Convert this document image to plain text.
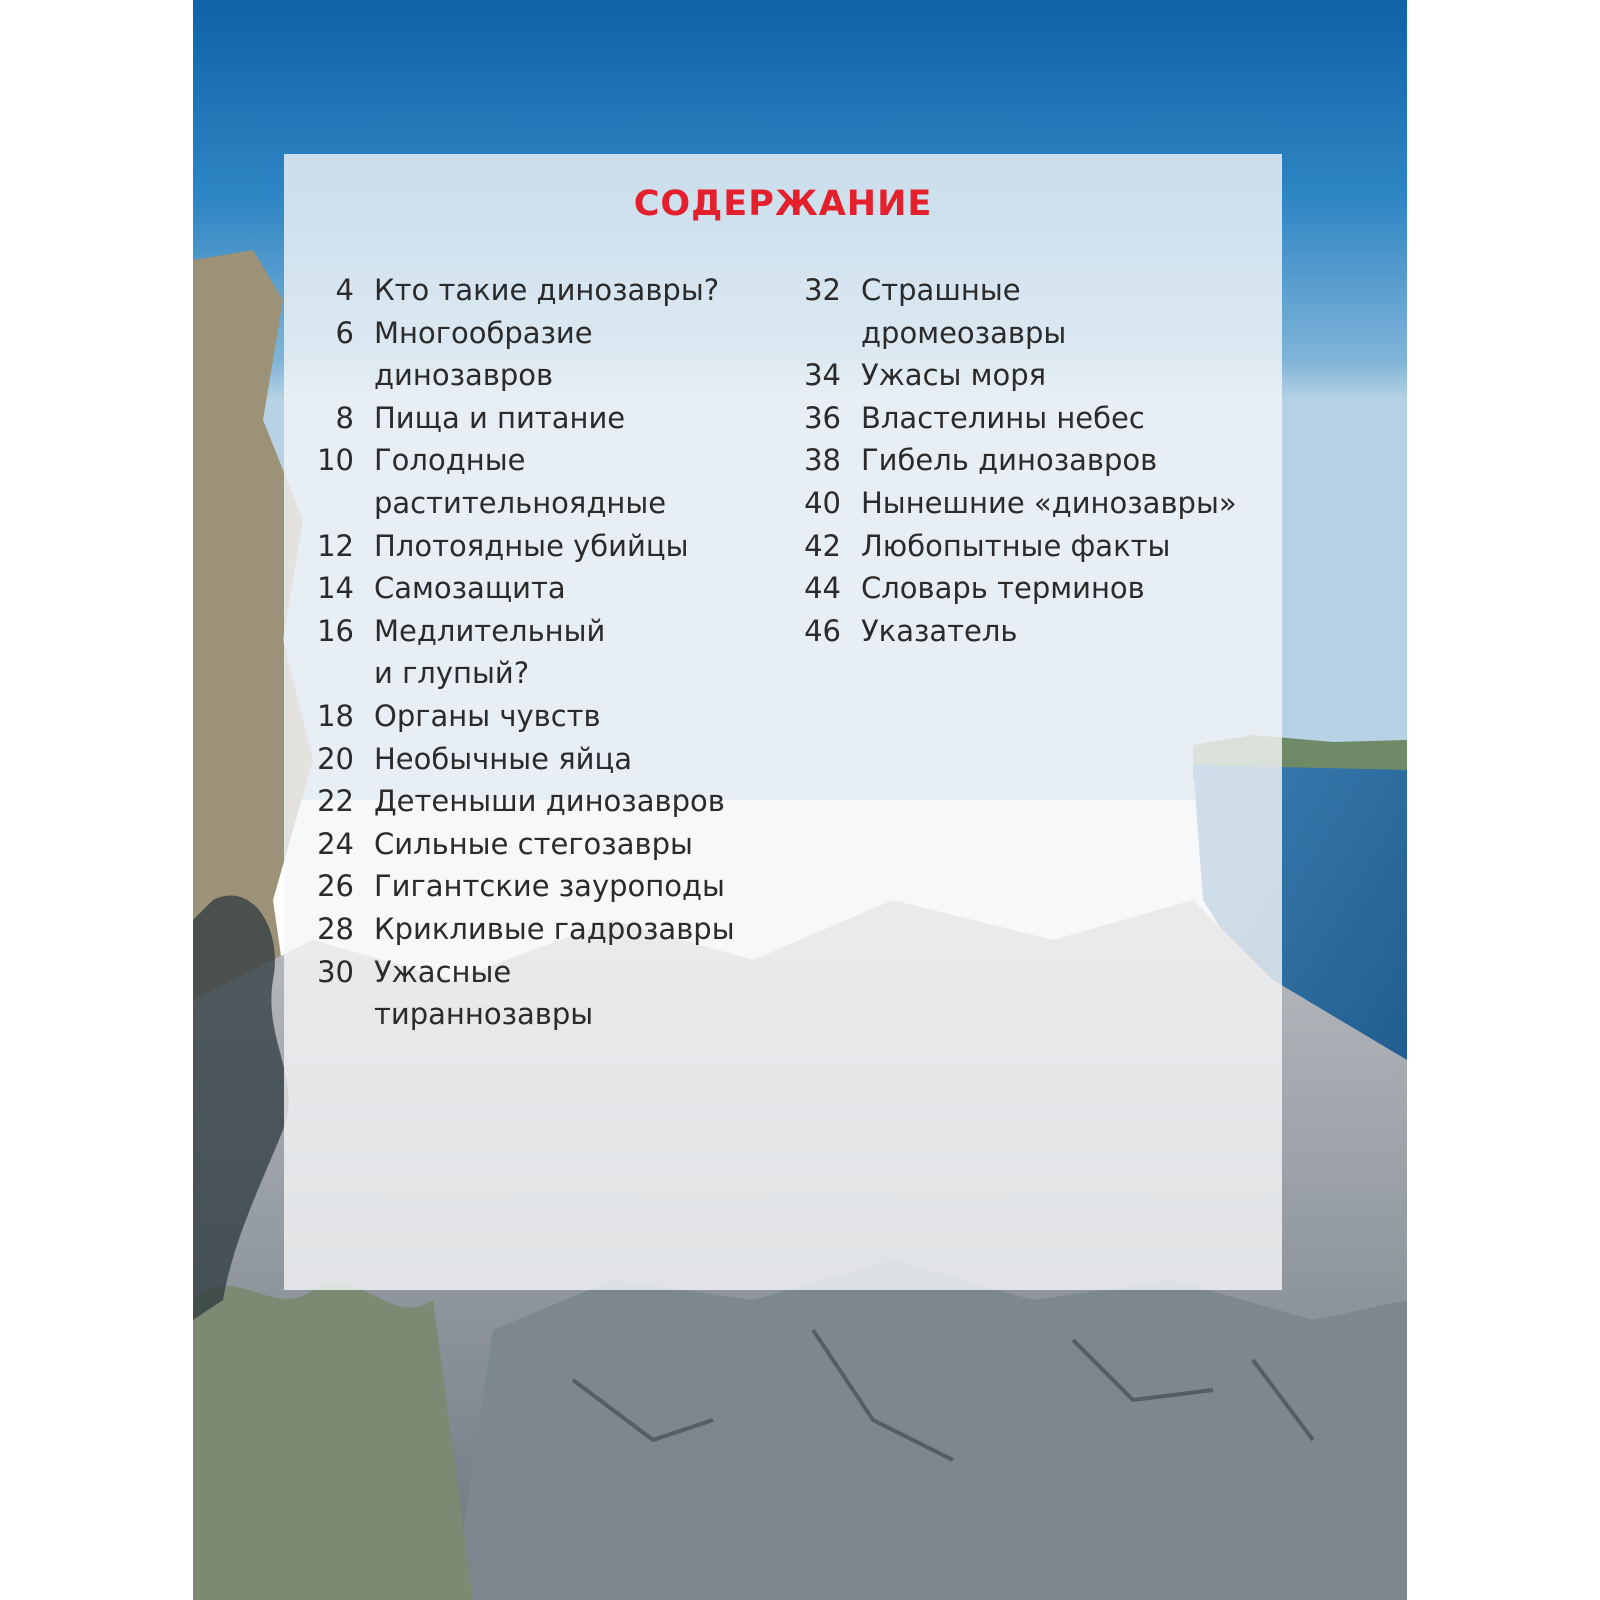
СОДЕРЖАНИЕ
4 Кто такие динозавры?
6 Многообразие
динозавров
8 Пища и питание
10 Голодные
растительноядные
12 Плотоядные убийцы
14 Самозащита
16 Медлительный
и глупый?
18 Органы чувств
20 Необычные яйца
22 Детеныши динозавров
24 Сильные стегозавры
26 Гигантские зауроподы
28 Крикливые гадрозавры
30 Ужасные
тираннозавры
32 Страшные
дромеозавры
34 Ужасы моря
36 Властелины небес
38 Гибель динозавров
40 Нынешние «динозавры»
42 Любопытные факты
44 Словарь терминов
46 Указатель
